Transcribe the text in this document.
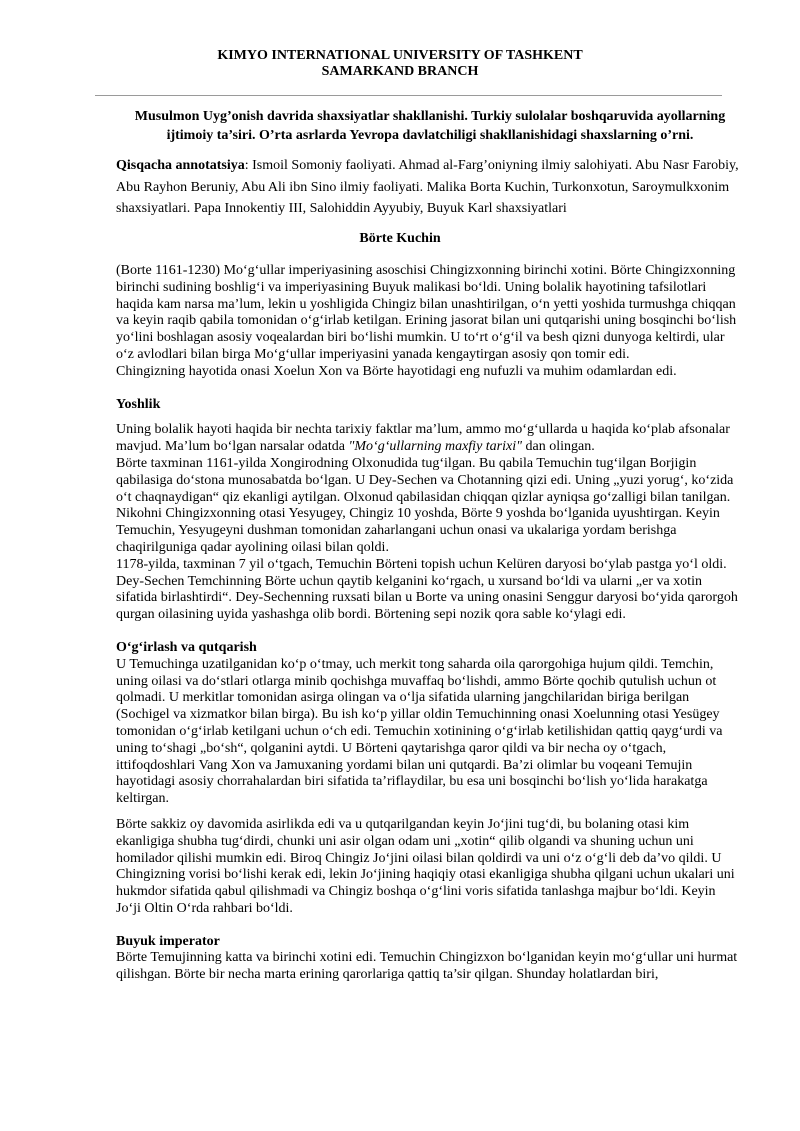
KIMYO INTERNATIONAL UNIVERSITY OF TASHKENT
SAMARKAND BRANCH
Musulmon Uyg’onish davrida shaxsiyatlar shakllanishi. Turkiy sulolalar boshqaruvida ayollarning ijtimoiy ta’siri. O’rta asrlarda Yevropa davlatchiligi shakllanishidagi shaxslarning o’rni.
Qisqacha annotatsiya: Ismoil Somoniy faoliyati. Ahmad al-Farg’oniyning ilmiy salohiyati. Abu Nasr Farobiy, Abu Rayhon Beruniy, Abu Ali ibn Sino ilmiy faoliyati. Malika Borta Kuchin, Turkonxotun, Saroymulkxonim shaxsiyatlari. Papa Innokentiy III, Salohiddin Ayyubiy, Buyuk Karl shaxsiyatlari
Börte Kuchin

(Borte 1161-1230) Mo‘g‘ullar imperiyasining asoschisi Chingizxonning birinchi xotini. Börte Chingizxonning birinchi sudining boshlig‘i va imperiyasining Buyuk malikasi bo‘ldi. Uning bolalik hayotining tafsilotlari haqida kam narsa ma’lum, lekin u yoshligida Chingiz bilan unashtirilgan, o‘n yetti yoshida turmushga chiqqan va keyin raqib qabila tomonidan o‘g‘irlab ketilgan. Erining jasorat bilan uni qutqarishi uning bosqinchi bo‘lish yo‘lini boshlagan asosiy voqealardan biri bo‘lishi mumkin. U to‘rt o‘g‘il va besh qizni dunyoga keltirdi, ular o‘z avlodlari bilan birga Mo‘g‘ullar imperiyasini yanada kengaytirgan asosiy qon tomir edi.

Chingizning hayotida onasi Xoelun Xon va Börte hayotidagi eng nufuzli va muhim odamlardan edi.

Yoshlik

Uning bolalik hayoti haqida bir nechta tarixiy faktlar ma’lum, ammo mo‘g‘ullarda u haqida ko‘plab afsonalar mavjud. Ma’lum bo‘lgan narsalar odatda "Mo‘g‘ullarning maxfiy tarixi" dan olingan.

Börte taxminan 1161-yilda Xongirodning Olxonudida tug‘ilgan. Bu qabila Temuchin tug‘ilgan Borjigin qabilasiga do‘stona munosabatda bo‘lgan. U Dey-Sechen va Chotanning qizi edi. Uning „yuzi yorug‘, ko‘zida o‘t chaqnaydigan“ qiz ekanligi aytilgan. Olxonud qabilasidan chiqqan qizlar ayniqsa go‘zalligi bilan tanilgan.

Nikohni Chingizxonning otasi Yesyugey, Chingiz 10 yoshda, Börte 9 yoshda bo‘lganida uyushtirgan. Keyin Temuchin, Yesyugeyni dushman tomonidan zaharlangani uchun onasi va ukalariga yordam berishga chaqirilguniga qadar ayolining oilasi bilan qoldi.

1178-yilda, taxminan 7 yil o‘tgach, Temuchin Börteni topish uchun Kelüren daryosi bo‘ylab pastga yo‘l oldi. Dey-Sechen Temchinning Börte uchun qaytib kelganini ko‘rgach, u xursand bo‘ldi va ularni „er va xotin sifatida birlashtirdi“. Dey-Sechenning ruxsati bilan u Borte va uning onasini Senggur daryosi bo‘yida qarorgoh qurgan oilasining uyida yashashga olib bordi. Börtening sepi nozik qora sable ko‘ylagi edi.

O‘g‘irlash va qutqarish

U Temuchinga uzatilganidan ko‘p o‘tmay, uch merkit tong saharda oila qarorgohiga hujum qildi. Temchin, uning oilasi va do‘stlari otlarga minib qochishga muvaffaq bo‘lishdi, ammo Börte qochib qutulish uchun ot qolmadi. U merkitlar tomonidan asirga olingan va o‘lja sifatida ularning jangchilaridan biriga berilgan (Sochigel va xizmatkor bilan birga). Bu ish ko‘p yillar oldin Temuchinning onasi Xoelunning otasi Yesügey tomonidan o‘g‘irlab ketilgani uchun o‘ch edi. Temuchin xotinining o‘g‘irlab ketilishidan qattiq qayg‘urdi va uning to‘shagi „bo‘sh“, qolganini aytdi. U Börteni qaytarishga qaror qildi va bir necha oy o‘tgach, ittifoqdoshlari Vang Xon va Jamuxaning yordami bilan uni qutqardi. Ba’zi olimlar bu voqeani Temujin hayotidagi asosiy chorrahalardan biri sifatida ta’riflaydilar, bu esa uni bosqinchi bo‘lish yo‘lida harakatga keltirgan.

Börte sakkiz oy davomida asirlikda edi va u qutqarilgandan keyin Jo‘jini tug‘di, bu bolaning otasi kim ekanligiga shubha tug‘dirdi, chunki uni asir olgan odam uni „xotin“ qilib olgandi va shuning uchun uni homilador qilishi mumkin edi. Biroq Chingiz Jo‘jini oilasi bilan qoldirdi va uni o‘z o‘g‘li deb da’vo qildi. U Chingizning vorisi bo‘lishi kerak edi, lekin Jo‘jining haqiqiy otasi ekanligiga shubha qilgani uchun ukalari uni hukmdor sifatida qabul qilishmadi va Chingiz boshqa o‘g‘lini voris sifatida tanlashga majbur bo‘ldi. Keyin Jo‘ji Oltin O‘rda rahbari bo‘ldi.

Buyuk imperator

Börte Temujinning katta va birinchi xotini edi. Temuchin Chingizxon bo‘lganidan keyin mo‘g‘ullar uni hurmat qilishgan. Börte bir necha marta erining qarorlariga qattiq ta’sir qilgan. Shunday holatlardan biri,
